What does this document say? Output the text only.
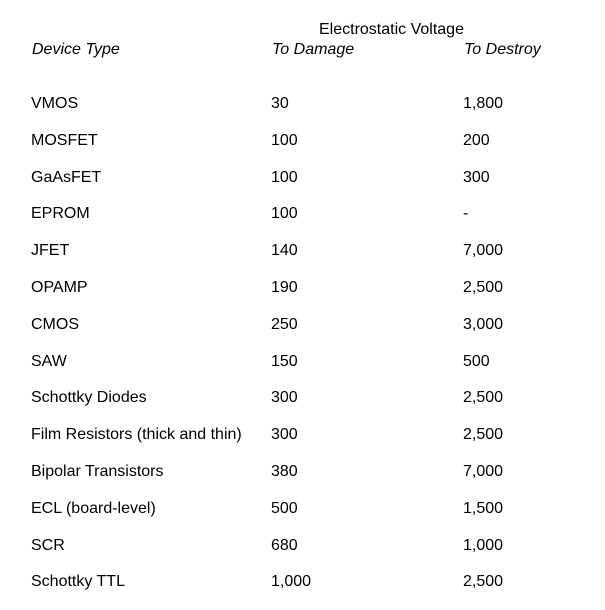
Electrostatic Voltage
Device Type	To Damage	To Destroy
VMOS	30	1,800
MOSFET	100	200
GaAsFET	100	300
EPROM	100	-
JFET	140	7,000
OPAMP	190	2,500
CMOS	250	3,000
SAW	150	500
Schottky Diodes	300	2,500
Film Resistors (thick and thin) 300	2,500
Bipolar Transistors	380	7,000
ECL (board-level)	500	1,500
SCR	680	1,000
Schottky TTL	1,000	2,500
